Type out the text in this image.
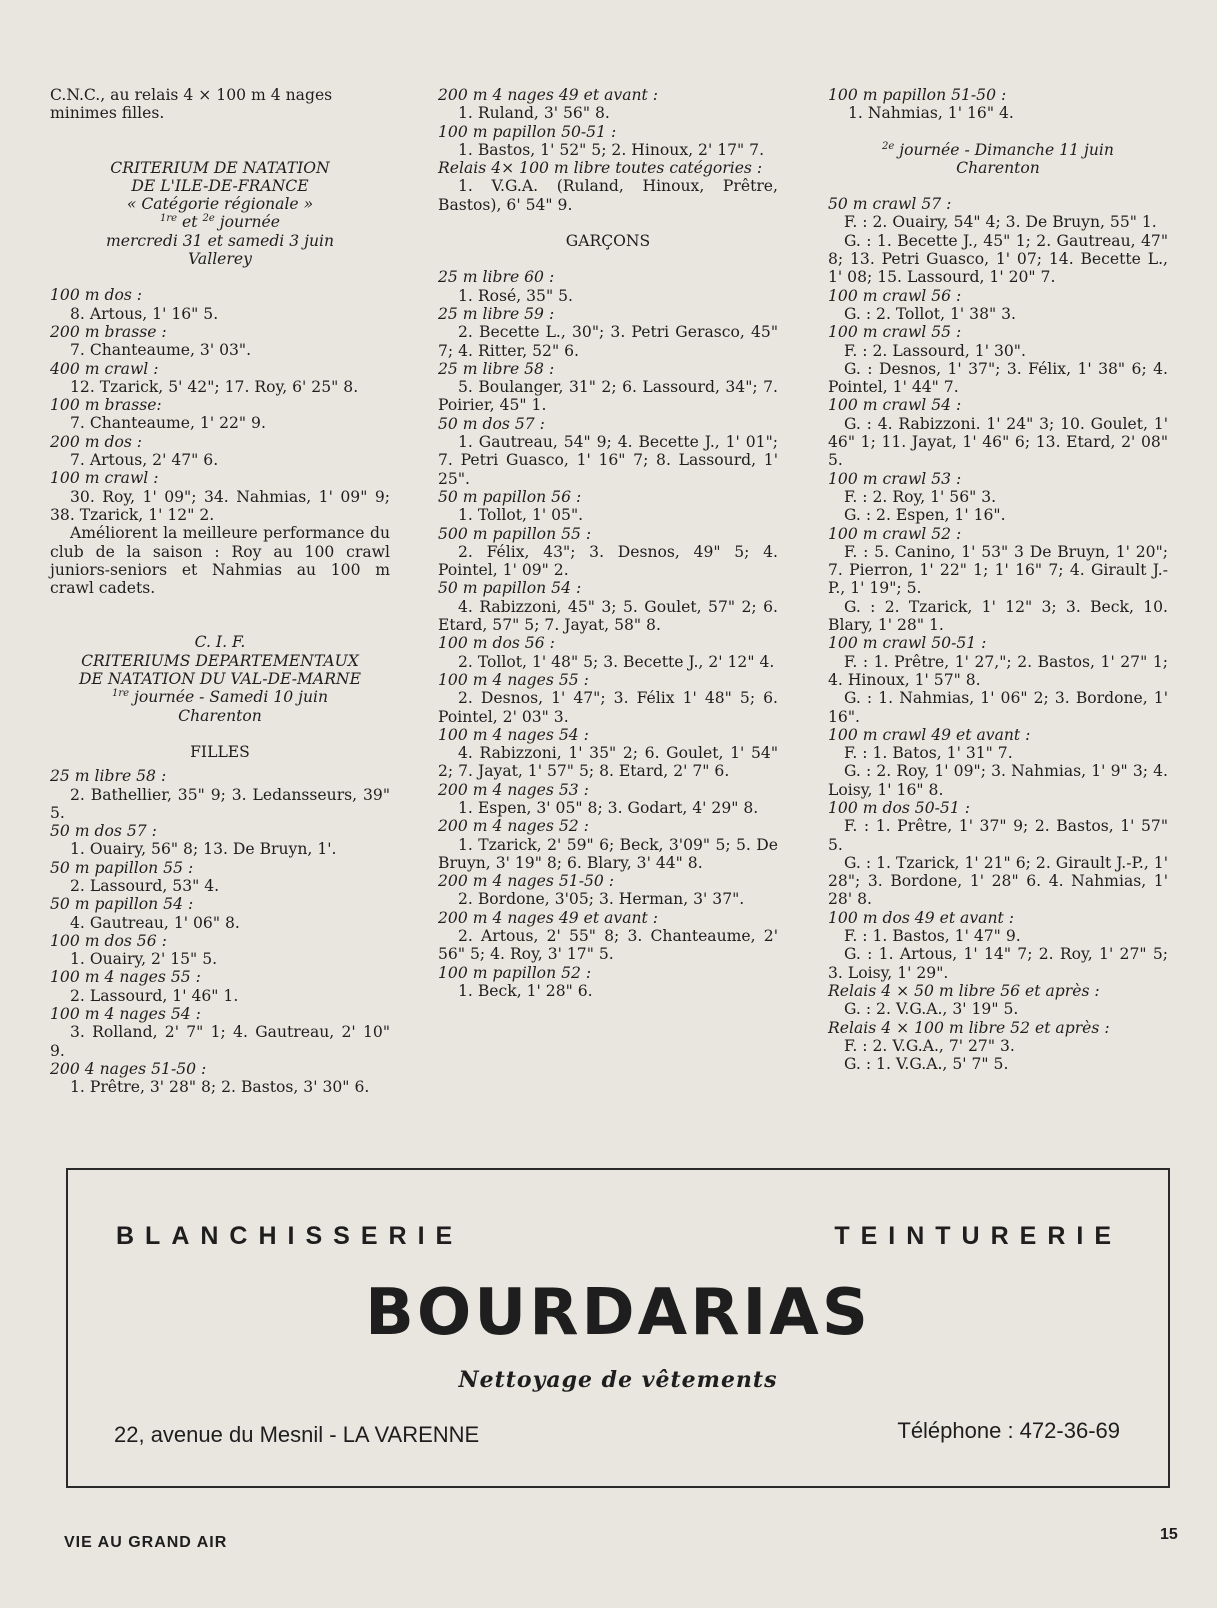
C.N.C., au relais 4 × 100 m 4 nages
minimes filles.
CRITERIUM DE NATATION
DE L'ILE-DE-FRANCE
« Catégorie régionale »
$^{1re}$ et $^{2e}$ journée
mercredi 31 et samedi 3 juin
Vallerey
100 m dos :
8. Artous, 1' 16" 5.
200 m brasse :
7. Chanteaume, 3' 03".
400 m crawl :
12. Tzarick, 5' 42"; 17. Roy, 6' 25" 8.
100 m brasse:
7. Chanteaume, 1' 22" 9.
200 m dos :
7. Artous, 2' 47" 6.
100 m crawl :
30. Roy, 1' 09"; 34. Nahmias, 1' 09" 9; 38. Tzarick, 1' 12" 2.
Améliorent la meilleure performance du club de la saison : Roy au 100 crawl juniors-seniors et Nahmias au 100 m crawl cadets.
C. I. F.
CRITERIUMS DEPARTEMENTAUX
DE NATATION DU VAL-DE-MARNE
$^{1re}$ journée - Samedi 10 juin
Charenton
FILLES
25 m libre 58 :
2. Bathellier, 35" 9; 3. Ledansseurs, 39" 5.
50 m dos 57 :
1. Ouairy, 56" 8; 13. De Bruyn, 1'.
50 m papillon 55 :
2. Lassourd, 53" 4.
50 m papillon 54 :
4. Gautreau, 1' 06" 8.
100 m dos 56 :
1. Ouairy, 2' 15" 5.
100 m 4 nages 55 :
2. Lassourd, 1' 46" 1.
100 m 4 nages 54 :
3. Rolland, 2' 7" 1; 4. Gautreau, 2' 10" 9.
200 4 nages 51-50 :
1. Prêtre, 3' 28" 8; 2. Bastos, 3' 30" 6.
200 m 4 nages 49 et avant :
1. Ruland, 3' 56" 8.
100 m papillon 50-51 :
1. Bastos, 1' 52" 5; 2. Hinoux, 2' 17" 7.
Relais 4× 100 m libre toutes catégories :
1. V.G.A. (Ruland, Hinoux, Prêtre, Bastos), 6' 54" 9.
GARÇONS
25 m libre 60 :
1. Rosé, 35" 5.
25 m libre 59 :
2. Becette L., 30"; 3. Petri Gerasco, 45" 7; 4. Ritter, 52" 6.
25 m libre 58 :
5. Boulanger, 31" 2; 6. Lassourd, 34"; 7. Poirier, 45" 1.
50 m dos 57 :
1. Gautreau, 54" 9; 4. Becette J., 1' 01"; 7. Petri Guasco, 1' 16" 7; 8. Lassourd, 1' 25".
50 m papillon 56 :
1. Tollot, 1' 05".
500 m papillon 55 :
2. Félix, 43"; 3. Desnos, 49" 5; 4. Pointel, 1' 09" 2.
50 m papillon 54 :
4. Rabizzoni, 45" 3; 5. Goulet, 57" 2; 6. Etard, 57" 5; 7. Jayat, 58" 8.
100 m dos 56 :
2. Tollot, 1' 48" 5; 3. Becette J., 2' 12" 4.
100 m 4 nages 55 :
2. Desnos, 1' 47"; 3. Félix 1' 48" 5; 6. Pointel, 2' 03" 3.
100 m 4 nages 54 :
4. Rabizzoni, 1' 35" 2; 6. Goulet, 1' 54" 2; 7. Jayat, 1' 57" 5; 8. Etard, 2' 7" 6.
200 m 4 nages 53 :
1. Espen, 3' 05" 8; 3. Godart, 4' 29" 8.
200 m 4 nages 52 :
1. Tzarick, 2' 59" 6; Beck, 3'09" 5; 5. De Bruyn, 3' 19" 8; 6. Blary, 3' 44" 8.
200 m 4 nages 51-50 :
2. Bordone, 3'05; 3. Herman, 3' 37".
200 m 4 nages 49 et avant :
2. Artous, 2' 55" 8; 3. Chanteaume, 2' 56" 5; 4. Roy, 3' 17" 5.
100 m papillon 52 :
1. Beck, 1' 28" 6.
100 m papillon 51-50 :
1. Nahmias, 1' 16" 4.
$^{2e}$ journée - Dimanche 11 juin
Charenton
50 m crawl 57 :
F. : 2. Ouairy, 54" 4; 3. De Bruyn, 55" 1.
G. : 1. Becette J., 45" 1; 2. Gautreau, 47" 8; 13. Petri Guasco, 1' 07; 14. Becette L., 1' 08; 15. Lassourd, 1' 20" 7.
100 m crawl 56 :
G. : 2. Tollot, 1' 38" 3.
100 m crawl 55 :
F. : 2. Lassourd, 1' 30".
G. : Desnos, 1' 37"; 3. Félix, 1' 38" 6; 4. Pointel, 1' 44" 7.
100 m crawl 54 :
G. : 4. Rabizzoni. 1' 24" 3; 10. Goulet, 1' 46" 1; 11. Jayat, 1' 46" 6; 13. Etard, 2' 08" 5.
100 m crawl 53 :
F. : 2. Roy, 1' 56" 3.
G. : 2. Espen, 1' 16".
100 m crawl 52 :
F. : 5. Canino, 1' 53" 3 De Bruyn, 1' 20"; 7. Pierron, 1' 22" 1; 1' 16" 7; 4. Girault J.-P., 1' 19"; 5.
G. : 2. Tzarick, 1' 12" 3; 3. Beck, 10. Blary, 1' 28" 1.
100 m crawl 50-51 :
F. : 1. Prêtre, 1' 27,"; 2. Bastos, 1' 27" 1; 4. Hinoux, 1' 57" 8.
G. : 1. Nahmias, 1' 06" 2; 3. Bordone, 1' 16".
100 m crawl 49 et avant :
F. : 1. Batos, 1' 31" 7.
G. : 2. Roy, 1' 09"; 3. Nahmias, 1' 9" 3; 4. Loisy, 1' 16" 8.
100 m dos 50-51 :
F. : 1. Prêtre, 1' 37" 9; 2. Bastos, 1' 57" 5.
G. : 1. Tzarick, 1' 21" 6; 2. Girault J.-P., 1' 28"; 3. Bordone, 1' 28" 6. 4. Nahmias, 1' 28' 8.
100 m dos 49 et avant :
F. : 1. Bastos, 1' 47" 9.
G. : 1. Artous, 1' 14" 7; 2. Roy, 1' 27" 5; 3. Loisy, 1' 29".
Relais 4 × 50 m libre 56 et après :
G. : 2. V.G.A., 3' 19" 5.
Relais 4 × 100 m libre 52 et après :
F. : 2. V.G.A., 7' 27" 3.
G. : 1. V.G.A., 5' 7" 5.
BLANCHISSERIE	TEINTURERIE
BOURDARIAS
Nettoyage de vêtements
22, avenue du Mesnil - LA VARENNE	Téléphone : 472-36-69
VIE AU GRAND AIR	15
